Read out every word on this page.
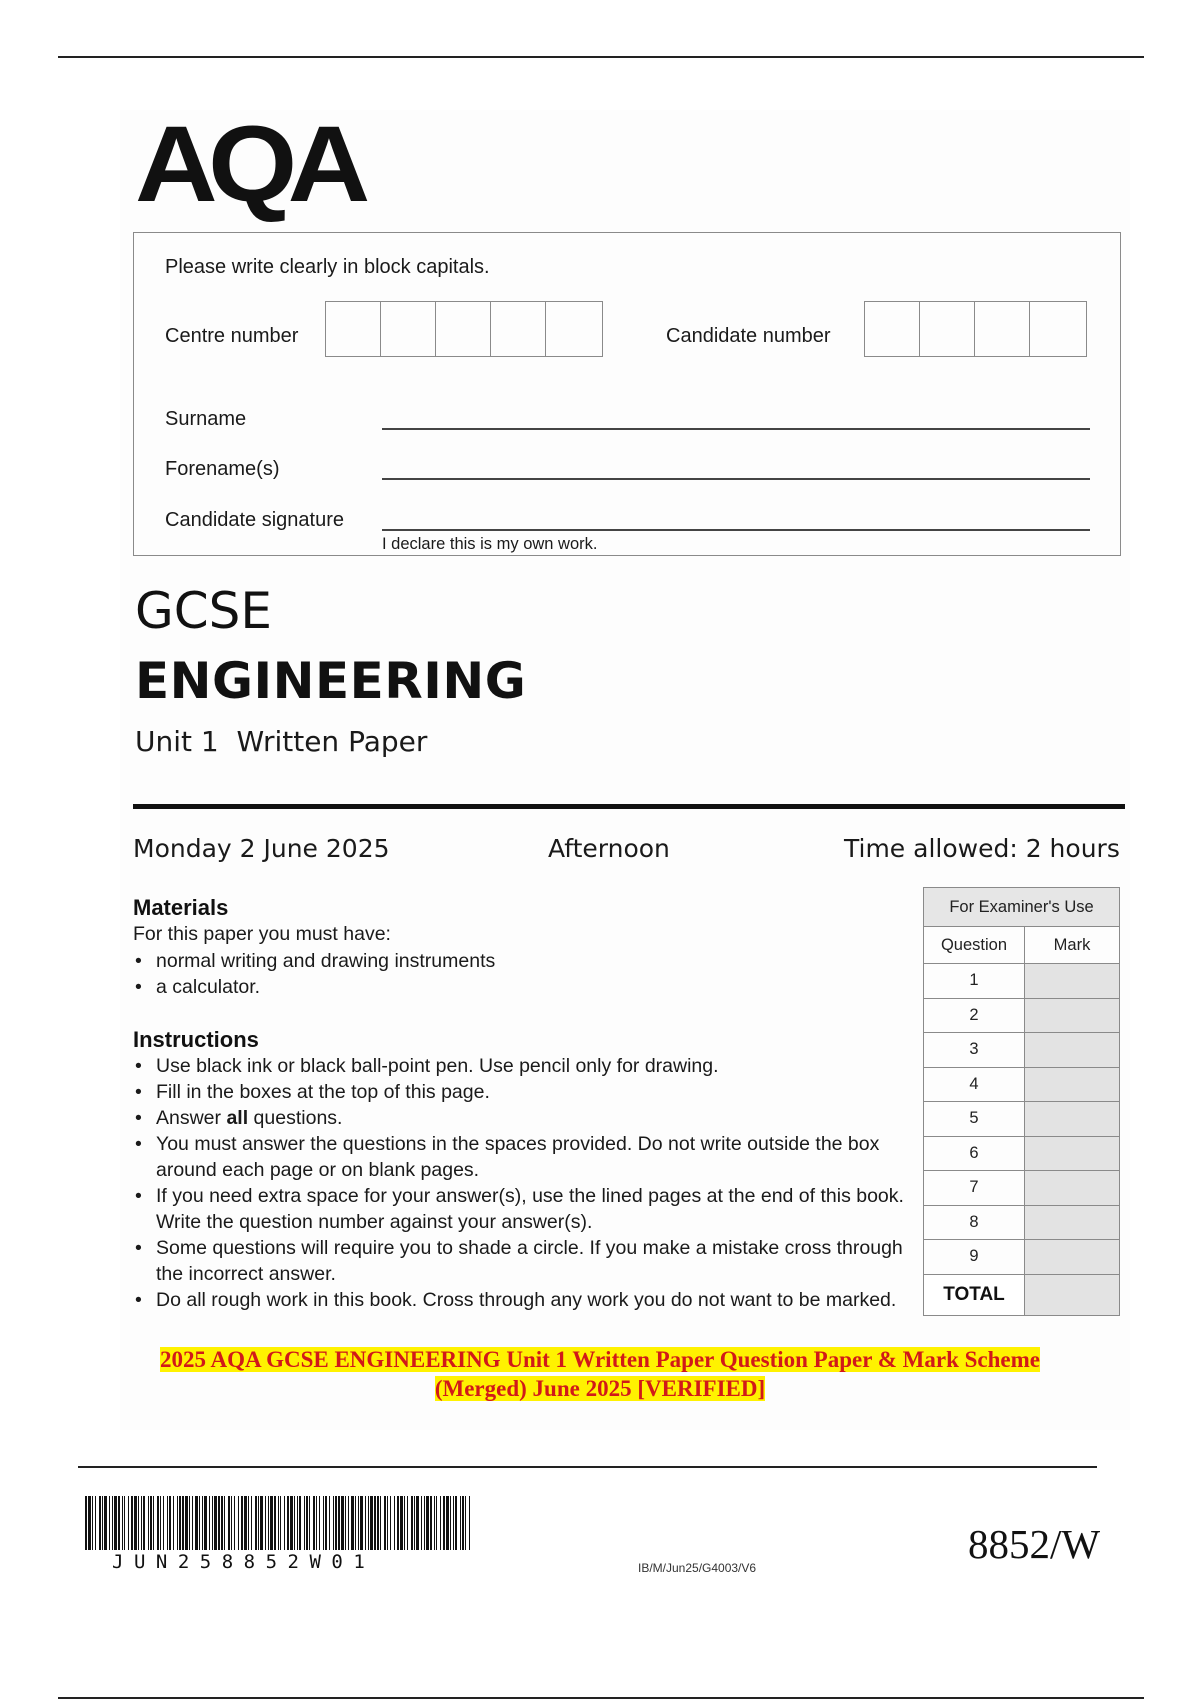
AQA
Please write clearly in block capitals.
Centre number	Candidate number
Surname
Forename(s)
Candidate signature
I declare this is my own work.
GCSE
ENGINEERING
Unit 1  Written Paper
Monday 2 June 2025	Afternoon	Time allowed: 2 hours
Materials
For this paper you must have:
• normal writing and drawing instruments
• a calculator.
Instructions
• Use black ink or black ball-point pen. Use pencil only for drawing.
• Fill in the boxes at the top of this page.
• Answer all questions.
• You must answer the questions in the spaces provided. Do not write outside the box around each page or on blank pages.
• If you need extra space for your answer(s), use the lined pages at the end of this book. Write the question number against your answer(s).
• Some questions will require you to shade a circle. If you make a mistake cross through the incorrect answer.
• Do all rough work in this book. Cross through any work you do not want to be marked.
For Examiner's Use	
Question	Mark
1	
2	
3	
4	
5	
6	
7	
8	
9	
TOTAL	
2025 AQA GCSE ENGINEERING Unit 1 Written Paper Question Paper & Mark Scheme
(Merged) June 2025 [VERIFIED]
JUN258852W01	IB/M/Jun25/G4003/V6
8852/W
